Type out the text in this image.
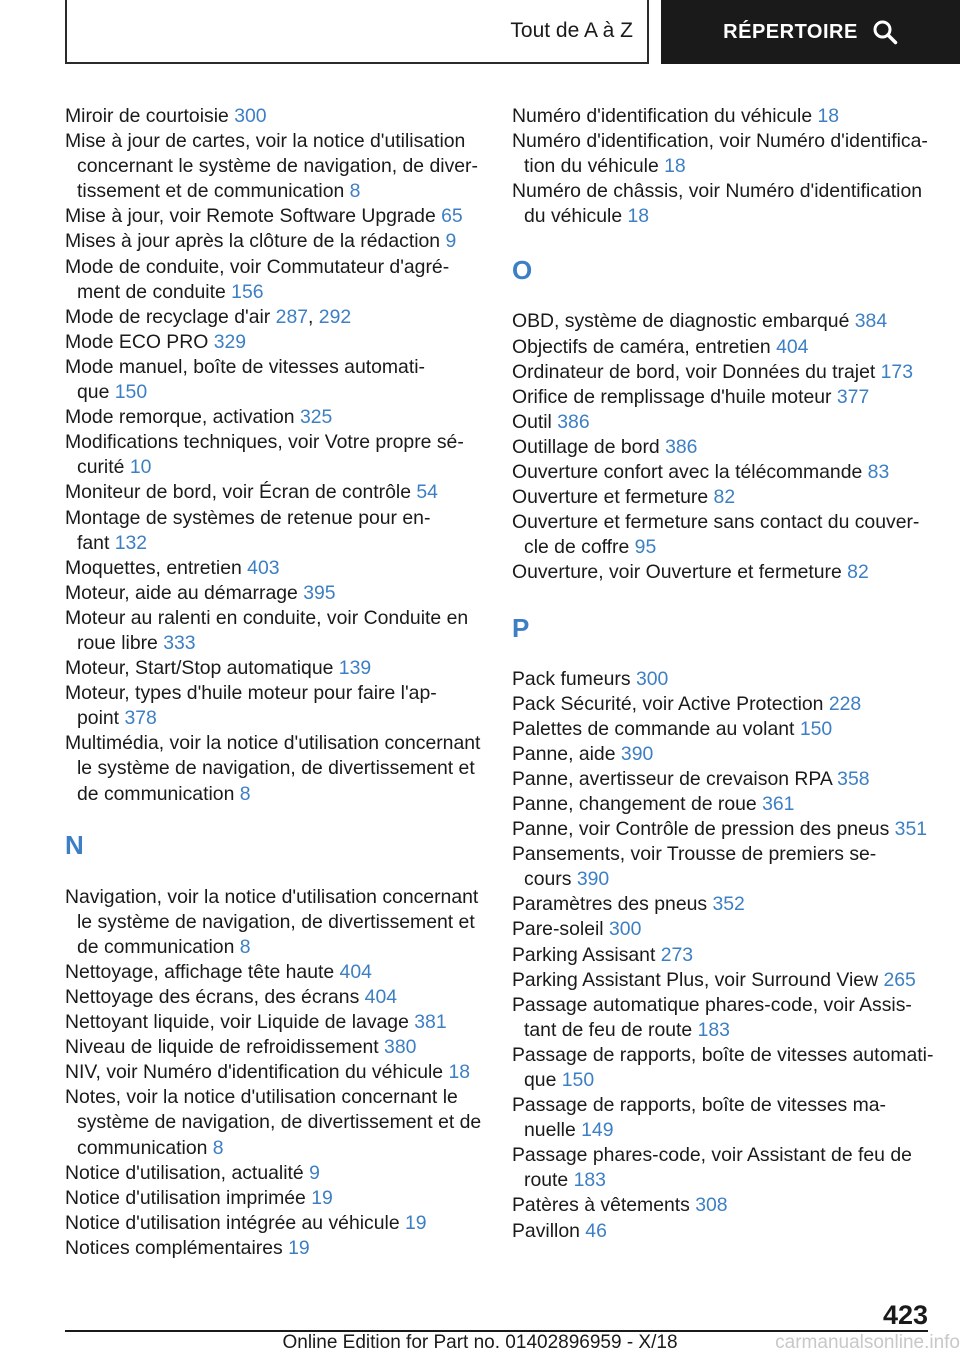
Tout de A à Z	RÉPERTOIRE
Miroir de courtoisie 300
Mise à jour de cartes, voir la notice d'utilisation
concernant le système de navigation, de diver-
tissement et de communication 8
Mise à jour, voir Remote Software Upgrade 65
Mises à jour après la clôture de la rédaction 9
Mode de conduite, voir Commutateur d'agré-
ment de conduite 156
Mode de recyclage d'air 287, 292
Mode ECO PRO 329
Mode manuel, boîte de vitesses automati-
que 150
Mode remorque, activation 325
Modifications techniques, voir Votre propre sé-
curité 10
Moniteur de bord, voir Écran de contrôle 54
Montage de systèmes de retenue pour en-
fant 132
Moquettes, entretien 403
Moteur, aide au démarrage 395
Moteur au ralenti en conduite, voir Conduite en
roue libre 333
Moteur, Start/Stop automatique 139
Moteur, types d'huile moteur pour faire l'ap-
point 378
Multimédia, voir la notice d'utilisation concernant
le système de navigation, de divertissement et
de communication 8
N
Navigation, voir la notice d'utilisation concernant
le système de navigation, de divertissement et
de communication 8
Nettoyage, affichage tête haute 404
Nettoyage des écrans, des écrans 404
Nettoyant liquide, voir Liquide de lavage 381
Niveau de liquide de refroidissement 380
NIV, voir Numéro d'identification du véhicule 18
Notes, voir la notice d'utilisation concernant le
système de navigation, de divertissement et de
communication 8
Notice d'utilisation, actualité 9
Notice d'utilisation imprimée 19
Notice d'utilisation intégrée au véhicule 19
Notices complémentaires 19
Numéro d'identification du véhicule 18
Numéro d'identification, voir Numéro d'identifica-
tion du véhicule 18
Numéro de châssis, voir Numéro d'identification
du véhicule 18
O
OBD, système de diagnostic embarqué 384
Objectifs de caméra, entretien 404
Ordinateur de bord, voir Données du trajet 173
Orifice de remplissage d'huile moteur 377
Outil 386
Outillage de bord 386
Ouverture confort avec la télécommande 83
Ouverture et fermeture 82
Ouverture et fermeture sans contact du couver-
cle de coffre 95
Ouverture, voir Ouverture et fermeture 82
P
Pack fumeurs 300
Pack Sécurité, voir Active Protection 228
Palettes de commande au volant 150
Panne, aide 390
Panne, avertisseur de crevaison RPA 358
Panne, changement de roue 361
Panne, voir Contrôle de pression des pneus 351
Pansements, voir Trousse de premiers se-
cours 390
Paramètres des pneus 352
Pare-soleil 300
Parking Assisant 273
Parking Assistant Plus, voir Surround View 265
Passage automatique phares-code, voir Assis-
tant de feu de route 183
Passage de rapports, boîte de vitesses automati-
que 150
Passage de rapports, boîte de vitesses ma-
nuelle 149
Passage phares-code, voir Assistant de feu de
route 183
Patères à vêtements 308
Pavillon 46
423
Online Edition for Part no. 01402896959 - X/18	carmanualsonline.info
